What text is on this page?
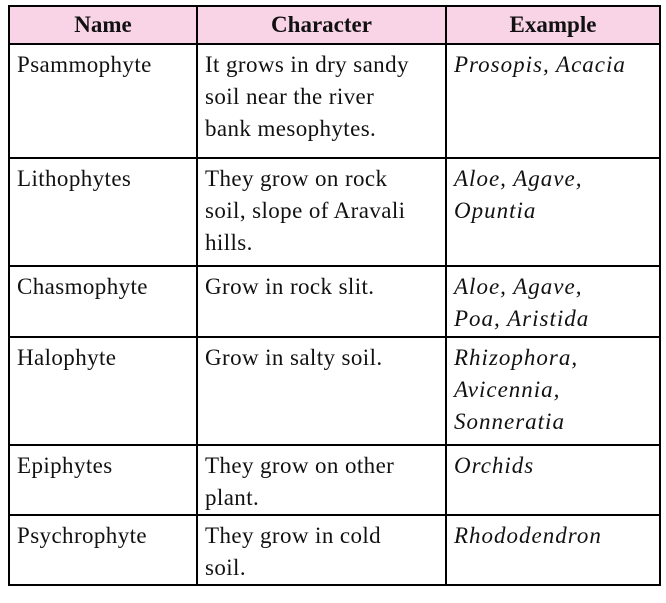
Name	Character	Example
Psammophyte	It grows in dry sandy
soil near the river
bank mesophytes.	Prosopis, Acacia
Lithophytes	They grow on rock
soil, slope of Aravali
hills.	Aloe, Agave,
Opuntia
Chasmophyte	Grow in rock slit.	Aloe, Agave,
Poa, Aristida
Halophyte	Grow in salty soil.	Rhizophora,
Avicennia,
Sonneratia
Epiphytes	They grow on other
plant.	Orchids
Psychrophyte	They grow in cold
soil.	Rhododendron
